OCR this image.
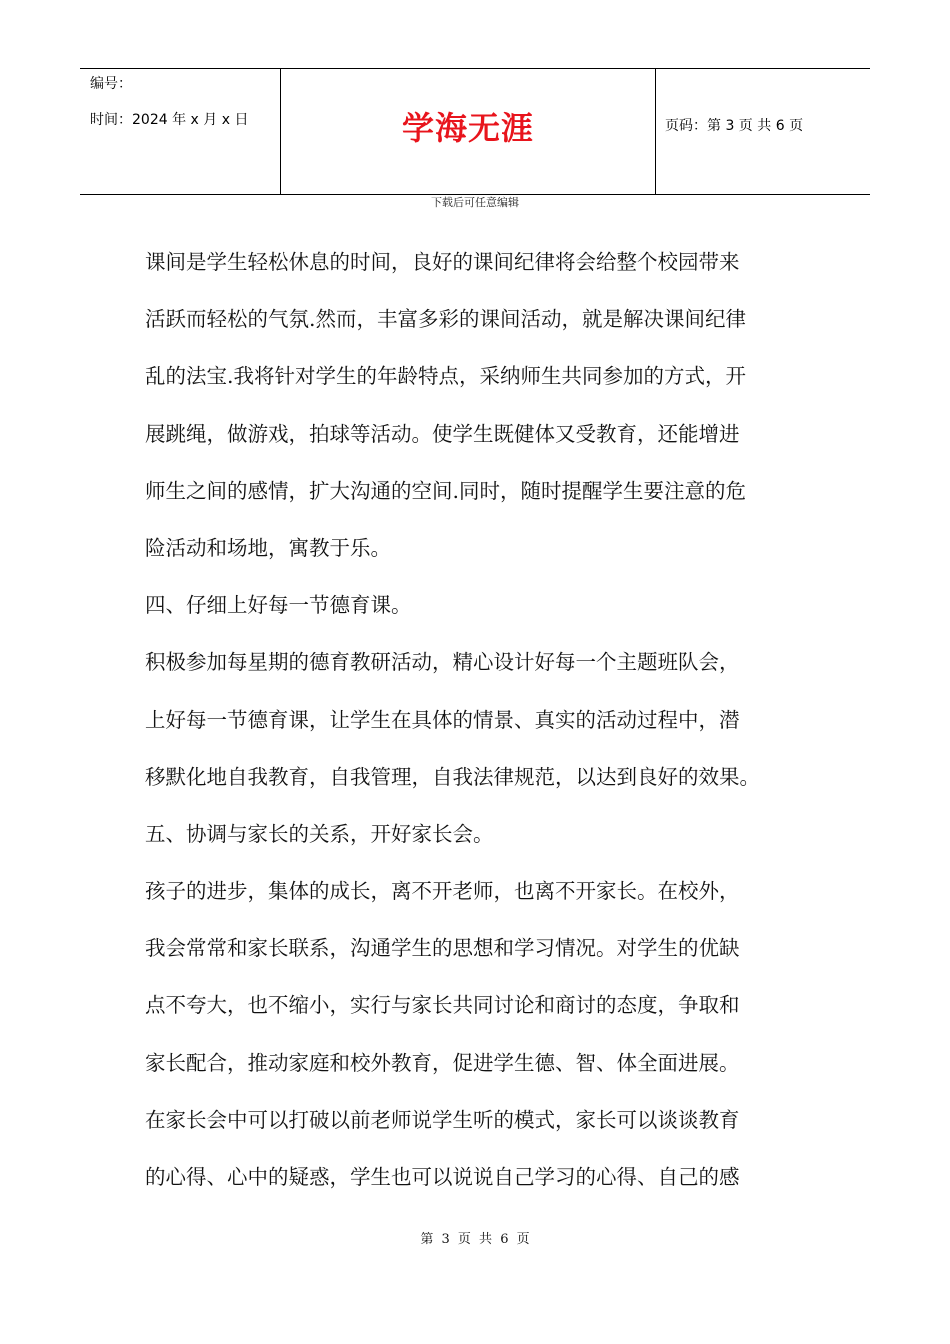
编号：
时间：2024 年 x 月 x 日	学海无涯	页码：第 3 页 共 6 页
下载后可任意编辑
课间是学生轻松休息的时间，良好的课间纪律将会给整个校园带来
活跃而轻松的气氛.然而，丰富多彩的课间活动，就是解决课间纪律
乱的法宝.我将针对学生的年龄特点，采纳师生共同参加的方式，开
展跳绳，做游戏，拍球等活动。使学生既健体又受教育，还能增进
师生之间的感情，扩大沟通的空间.同时，随时提醒学生要注意的危
险活动和场地，寓教于乐。
四、仔细上好每一节德育课。
积极参加每星期的德育教研活动，精心设计好每一个主题班队会，
上好每一节德育课，让学生在具体的情景、真实的活动过程中，潜
移默化地自我教育，自我管理，自我法律规范，以达到良好的效果。
五、协调与家长的关系，开好家长会。
孩子的进步，集体的成长，离不开老师，也离不开家长。在校外，
我会常常和家长联系，沟通学生的思想和学习情况。对学生的优缺
点不夸大，也不缩小，实行与家长共同讨论和商讨的态度，争取和
家长配合，推动家庭和校外教育，促进学生德、智、体全面进展。
在家长会中可以打破以前老师说学生听的模式，家长可以谈谈教育
的心得、心中的疑惑，学生也可以说说自己学习的心得、自己的感
第 3 页 共 6 页
